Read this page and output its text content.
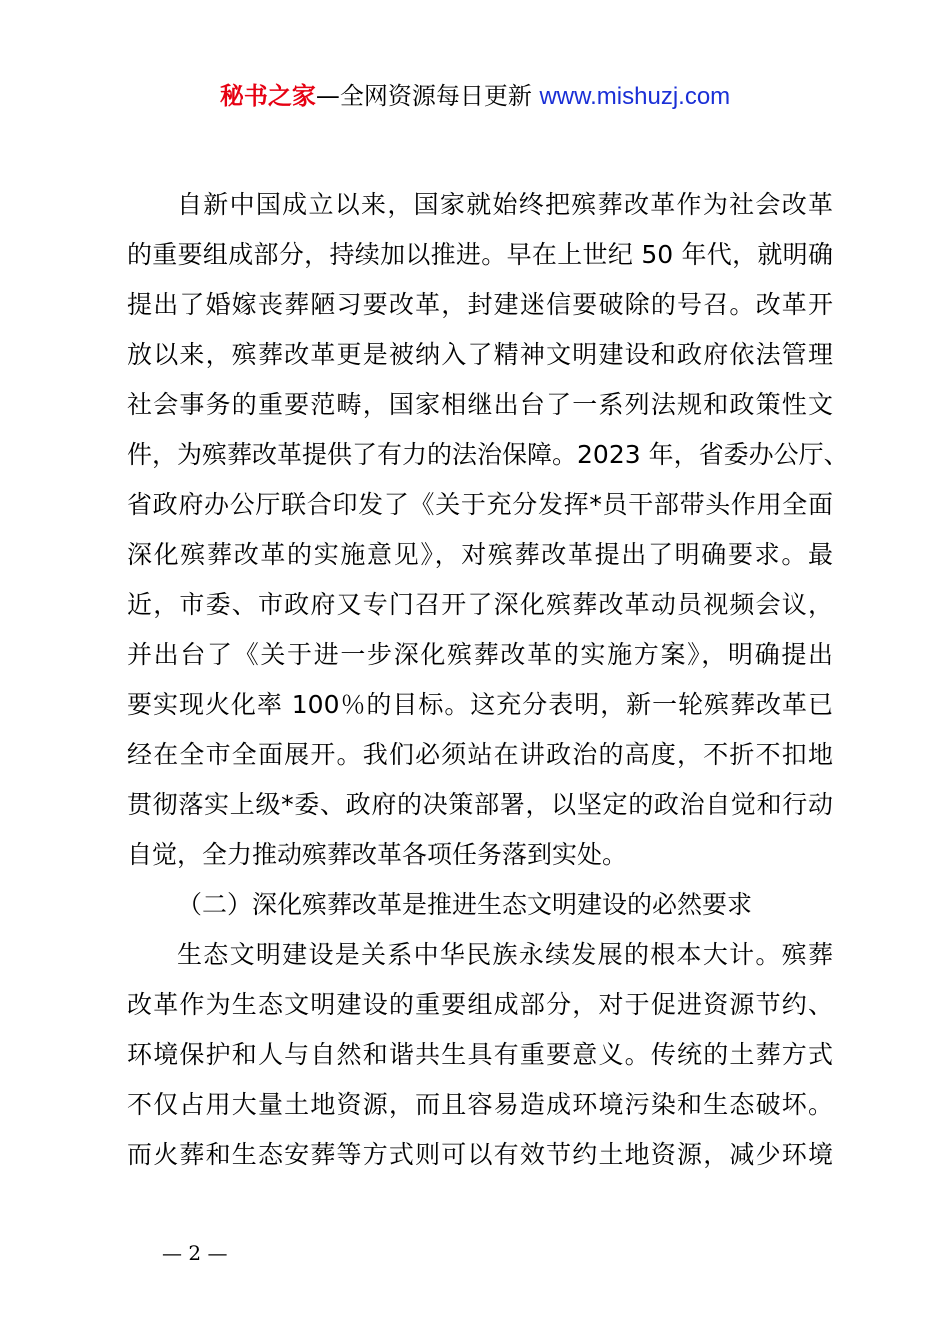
秘书之家—全网资源每日更新 www.mishuzj.com
自新中国成立以来，国家就始终把殡葬改革作为社会改革
的重要组成部分，持续加以推进。早在上世纪 50 年代，就明确
提出了婚嫁丧葬陋习要改革，封建迷信要破除的号召。改革开
放以来，殡葬改革更是被纳入了精神文明建设和政府依法管理
社会事务的重要范畴，国家相继出台了一系列法规和政策性文
件，为殡葬改革提供了有力的法治保障。2023 年，省委办公厅、
省政府办公厅联合印发了《关于充分发挥*员干部带头作用全面
深化殡葬改革的实施意见》，对殡葬改革提出了明确要求。最
近，市委、市政府又专门召开了深化殡葬改革动员视频会议，
并出台了《关于进一步深化殡葬改革的实施方案》，明确提出
要实现火化率 100％的目标。这充分表明，新一轮殡葬改革已
经在全市全面展开。我们必须站在讲政治的高度，不折不扣地
贯彻落实上级*委、政府的决策部署，以坚定的政治自觉和行动
自觉，全力推动殡葬改革各项任务落到实处。
（二）深化殡葬改革是推进生态文明建设的必然要求
生态文明建设是关系中华民族永续发展的根本大计。殡葬
改革作为生态文明建设的重要组成部分，对于促进资源节约、
环境保护和人与自然和谐共生具有重要意义。传统的土葬方式
不仅占用大量土地资源，而且容易造成环境污染和生态破坏。
而火葬和生态安葬等方式则可以有效节约土地资源，减少环境
— 2 —
